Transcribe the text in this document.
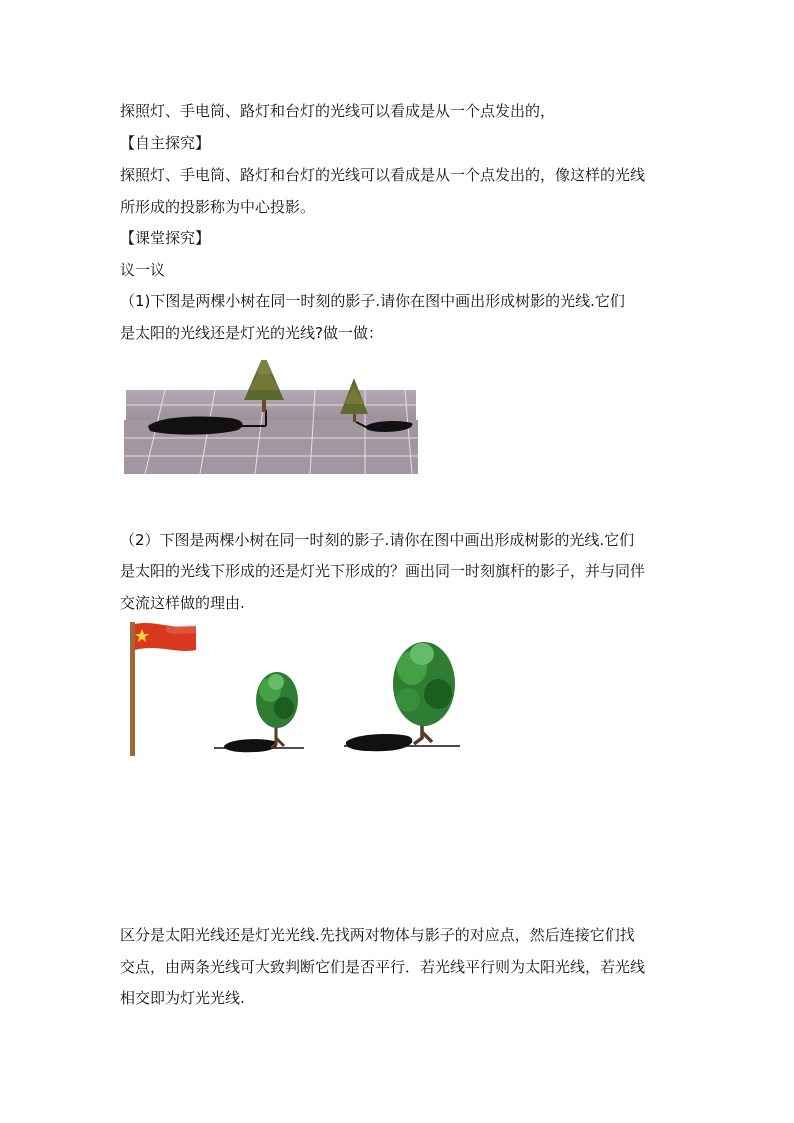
探照灯、手电筒、路灯和台灯的光线可以看成是从一个点发出的，
【自主探究】
探照灯、手电筒、路灯和台灯的光线可以看成是从一个点发出的，像这样的光线
所形成的投影称为中心投影。
【课堂探究】
议一议
（1)下图是两棵小树在同一时刻的影子.请你在图中画出形成树影的光线.它们
是太阳的光线还是灯光的光线?做一做：
（2）下图是两棵小树在同一时刻的影子.请你在图中画出形成树影的光线.它们
是太阳的光线下形成的还是灯光下形成的？画出同一时刻旗杆的影子，并与同伴
交流这样做的理由.
区分是太阳光线还是灯光光线.先找两对物体与影子的对应点，然后连接它们找
交点，由两条光线可大致判断它们是否平行．若光线平行则为太阳光线，若光线
相交即为灯光光线.
